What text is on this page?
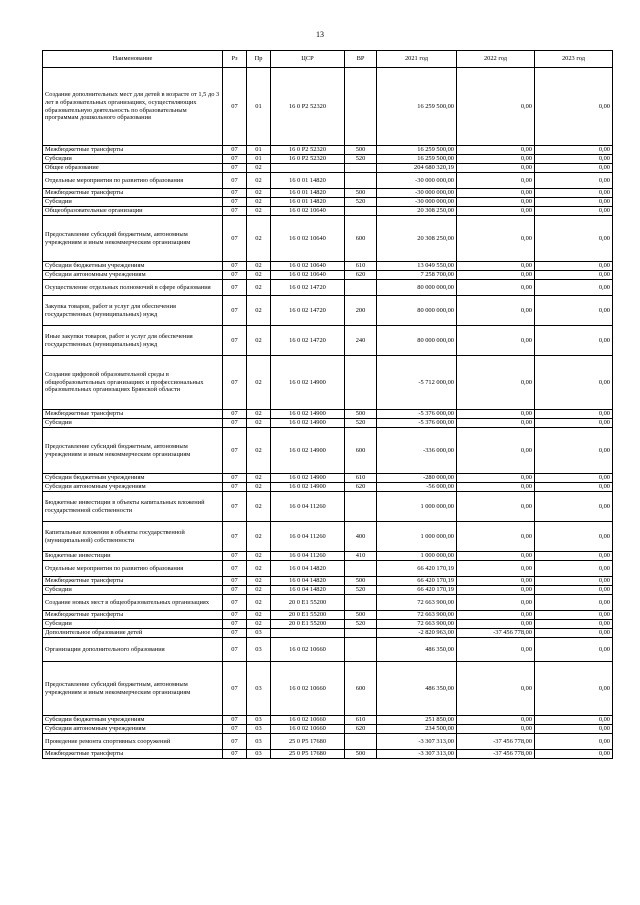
13
Наименование	Рз	Пр	ЦСР	ВР	2021 год	2022 год	2023 год
Создание дополнительных мест для детей в возрасте от 1,5 до 3 лет в образовательных организациях, осуществляющих образовательную деятельность по образовательным программам дошкольного образования	07	01	16 0 Р2 52320		16 259 500,00	0,00	0,00
Межбюджетные трансферты	07	01	16 0 Р2 52320	500	16 259 500,00	0,00	0,00
Субсидии	07	01	16 0 Р2 52320	520	16 259 500,00	0,00	0,00
Общее образование	07	02			204 680 320,19	0,00	0,00
Отдельные мероприятия по развитию образования	07	02	16 0 01 14820		-30 000 000,00	0,00	0,00
Межбюджетные трансферты	07	02	16 0 01 14820	500	-30 000 000,00	0,00	0,00
Субсидии	07	02	16 0 01 14820	520	-30 000 000,00	0,00	0,00
Общеобразовательные организации	07	02	16 0 02 10640		20 308 250,00	0,00	0,00
Предоставление субсидий бюджетным, автономным учреждениям и иным некоммерческим организациям	07	02	16 0 02 10640	600	20 308 250,00	0,00	0,00
Субсидии бюджетным учреждениям	07	02	16 0 02 10640	610	13 049 550,00	0,00	0,00
Субсидии автономным учреждениям	07	02	16 0 02 10640	620	7 258 700,00	0,00	0,00
Осуществление отдельных полномочий в сфере образования	07	02	16 0 02 14720		80 000 000,00	0,00	0,00
Закупка товаров, работ и услуг для обеспечения государственных (муниципальных) нужд	07	02	16 0 02 14720	200	80 000 000,00	0,00	0,00
Иные закупки товаров, работ и услуг для обеспечения государственных (муниципальных) нужд	07	02	16 0 02 14720	240	80 000 000,00	0,00	0,00
Создание цифровой образовательной среды в общеобразовательных организациях и профессиональных образовательных организациях Брянской области	07	02	16 0 02 14900		-5 712 000,00	0,00	0,00
Межбюджетные трансферты	07	02	16 0 02 14900	500	-5 376 000,00	0,00	0,00
Субсидии	07	02	16 0 02 14900	520	-5 376 000,00	0,00	0,00
Предоставление субсидий бюджетным, автономным учреждениям и иным некоммерческим организациям	07	02	16 0 02 14900	600	-336 000,00	0,00	0,00
Субсидии бюджетным учреждениям	07	02	16 0 02 14900	610	-280 000,00	0,00	0,00
Субсидии автономным учреждениям	07	02	16 0 02 14900	620	-56 000,00	0,00	0,00
Бюджетные инвестиции в объекты капитальных вложений государственной собственности	07	02	16 0 04 11260		1 000 000,00	0,00	0,00
Капитальные вложения в объекты государственной (муниципальной) собственности	07	02	16 0 04 11260	400	1 000 000,00	0,00	0,00
Бюджетные инвестиции	07	02	16 0 04 11260	410	1 000 000,00	0,00	0,00
Отдельные мероприятия по развитию образования	07	02	16 0 04 14820		66 420 170,19	0,00	0,00
Межбюджетные трансферты	07	02	16 0 04 14820	500	66 420 170,19	0,00	0,00
Субсидии	07	02	16 0 04 14820	520	66 420 170,19	0,00	0,00
Создание новых мест в общеобразовательных организациях	07	02	20 0 E1 55200		72 663 900,00	0,00	0,00
Межбюджетные трансферты	07	02	20 0 E1 55200	500	72 663 900,00	0,00	0,00
Субсидии	07	02	20 0 E1 55200	520	72 663 900,00	0,00	0,00
Дополнительное образование детей	07	03			-2 820 963,00	-37 456 778,00	0,00
Организации дополнительного образования	07	03	16 0 02 10660		486 350,00	0,00	0,00
Предоставление субсидий бюджетным, автономным учреждениям и иным некоммерческим организациям	07	03	16 0 02 10660	600	486 350,00	0,00	0,00
Субсидии бюджетным учреждениям	07	03	16 0 02 10660	610	251 850,00	0,00	0,00
Субсидии автономным учреждениям	07	03	16 0 02 10660	620	234 500,00	0,00	0,00
Проведение ремонта спортивных сооружений	07	03	25 0 P5 17680		-3 307 313,00	-37 456 778,00	0,00
Межбюджетные трансферты	07	03	25 0 P5 17680	500	-3 307 313,00	-37 456 778,00	0,00
